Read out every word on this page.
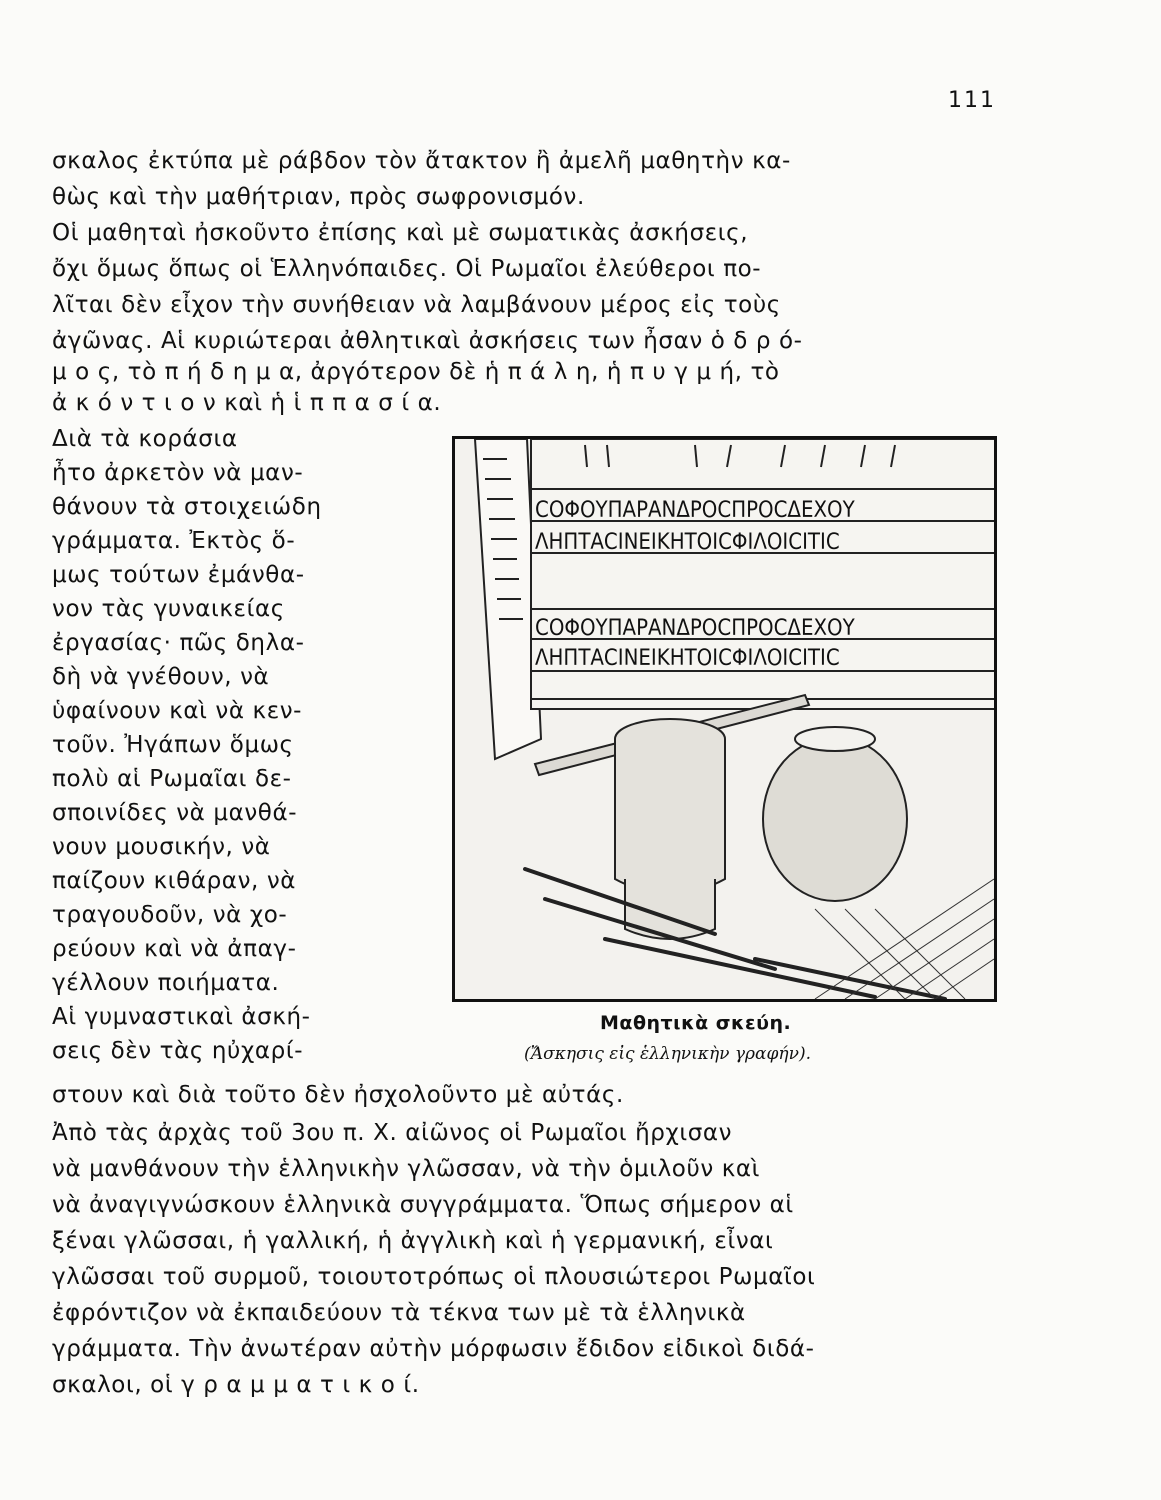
111
σκαλος ἐκτύπα μὲ ράβδον τὸν ἄτακτον ἢ ἀμελῆ μαθητὴν κα-
θὼς καὶ τὴν μαθήτριαν, πρὸς σωφρονισμόν.
Οἱ μαθηταὶ ἠσκοῦντο ἐπίσης καὶ μὲ σωματικὰς ἀσκήσεις,
ὄχι ὅμως ὅπως οἱ Ἑλληνόπαιδες. Οἱ Ρωμαῖοι ἐλεύθεροι πο-
λῖται δὲν εἶχον τὴν συνήθειαν νὰ λαμβάνουν μέρος εἰς τοὺς
ἀγῶνας. Αἱ κυριώτεραι ἀθλητικαὶ ἀσκήσεις των ἦσαν ὁ δ ρ ό-
μ ο ς, τὸ π ή δ η μ α, ἀργότερον δὲ ἡ π ά λ η, ἡ π υ γ μ ή, τὸ
ἀ κ ό ν τ ι ο ν καὶ ἡ ἱ π π α σ ί α.
Διὰ τὰ κοράσια
ἦτο ἀρκετὸν νὰ μαν-
θάνουν τὰ στοιχειώδη
γράμματα. Ἐκτὸς ὅ-
μως τούτων ἐμάνθα-
νον τὰς γυναικείας
ἐργασίας· πῶς δηλα-
δὴ νὰ γνέθουν, νὰ
ὑφαίνουν καὶ νὰ κεν-
τοῦν. Ἠγάπων ὅμως
πολὺ αἱ Ρωμαῖαι δε-
σποινίδες νὰ μανθά-
νουν μουσικήν, νὰ
παίζουν κιθάραν, νὰ
τραγουδοῦν, νὰ χο-
ρεύουν καὶ νὰ ἀπαγ-
γέλλουν ποιήματα.
Αἱ γυμναστικαὶ ἀσκή-
σεις δὲν τὰς ηὐχαρί-
COΦΟΥΠΑΡΑΝΔΡΟCΠΡΟCΔΕΧΟΥ
ΛΗΠΤΑCΙΝΕΙΚΗΤΟΙCΦΙΛΟΙCΙΤΙC
COΦΟΥΠΑΡΑΝΔΡΟCΠΡΟCΔΕΧΟΥ
ΛΗΠΤΑCΙΝΕΙΚΗΤΟΙCΦΙΛΟΙCΙΤΙC
Μαθητικὰ σκεύη.
(Ἄσκησις εἰς ἑλληνικὴν γραφήν).
στουν καὶ διὰ τοῦτο δὲν ἠσχολοῦντο μὲ αὐτάς.
Ἀπὸ τὰς ἀρχὰς τοῦ 3ου π. Χ. αἰῶνος οἱ Ρωμαῖοι ἤρχισαν
νὰ μανθάνουν τὴν ἑλληνικὴν γλῶσσαν, νὰ τὴν ὁμιλοῦν καὶ
νὰ ἀναγιγνώσκουν ἑλληνικὰ συγγράμματα. Ὅπως σήμερον αἱ
ξέναι γλῶσσαι, ἡ γαλλική, ἡ ἀγγλικὴ καὶ ἡ γερμανική, εἶναι
γλῶσσαι τοῦ συρμοῦ, τοιουτοτρόπως οἱ πλουσιώτεροι Ρωμαῖοι
ἐφρόντιζον νὰ ἐκπαιδεύουν τὰ τέκνα των μὲ τὰ ἑλληνικὰ
γράμματα. Τὴν ἀνωτέραν αὐτὴν μόρφωσιν ἔδιδον εἰδικοὶ διδά-
σκαλοι, οἱ γ ρ α μ μ α τ ι κ ο ί.
